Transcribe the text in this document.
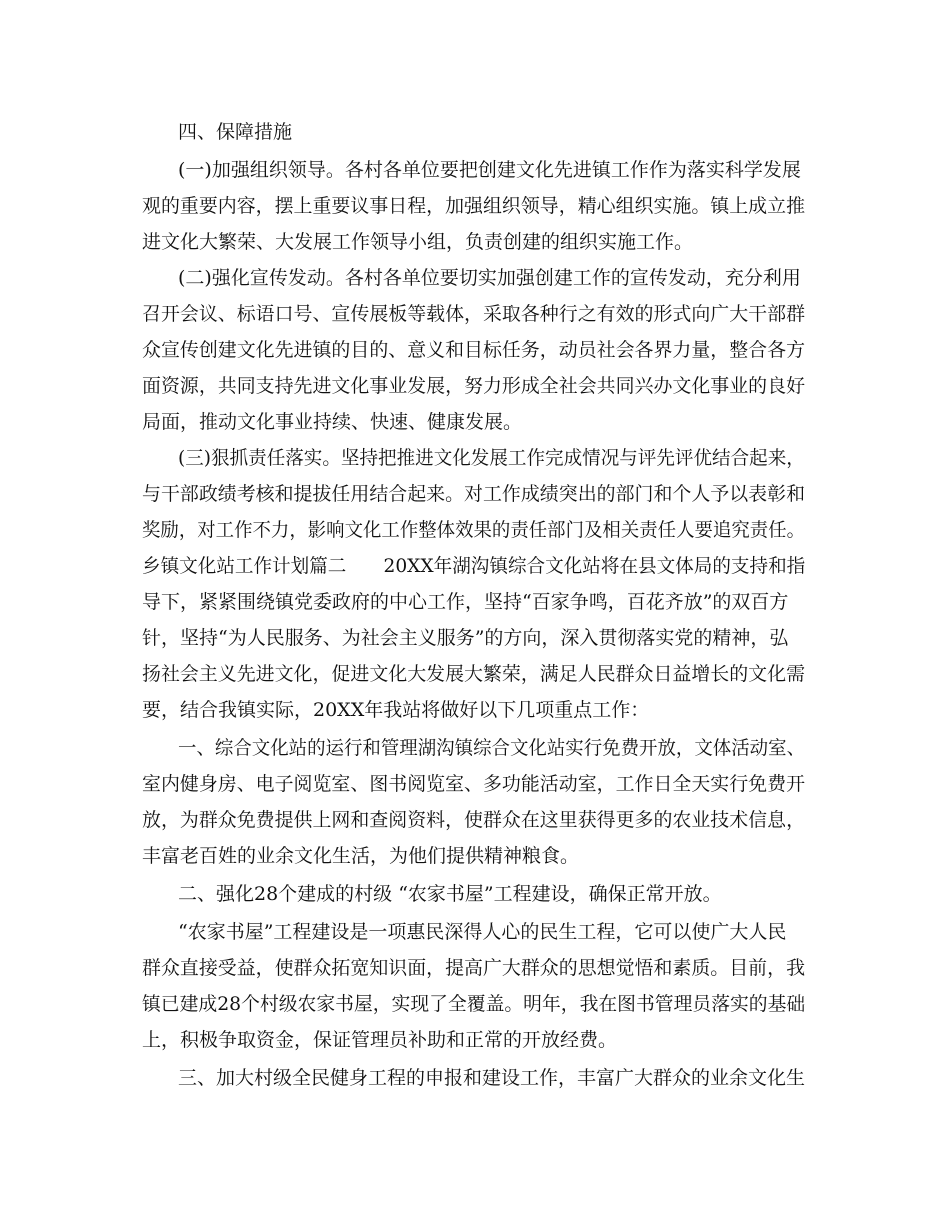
四、保障措施
(一)加强组织领导。各村各单位要把创建文化先进镇工作作为落实科学发展
观的重要内容，摆上重要议事日程，加强组织领导，精心组织实施。镇上成立推
进文化大繁荣、大发展工作领导小组，负责创建的组织实施工作。
(二)强化宣传发动。各村各单位要切实加强创建工作的宣传发动，充分利用
召开会议、标语口号、宣传展板等载体，采取各种行之有效的形式向广大干部群
众宣传创建文化先进镇的目的、意义和目标任务，动员社会各界力量，整合各方
面资源，共同支持先进文化事业发展，努力形成全社会共同兴办文化事业的良好
局面，推动文化事业持续、快速、健康发展。
(三)狠抓责任落实。坚持把推进文化发展工作完成情况与评先评优结合起来，
与干部政绩考核和提拔任用结合起来。对工作成绩突出的部门和个人予以表彰和
奖励，对工作不力，影响文化工作整体效果的责任部门及相关责任人要追究责任。
乡镇文化站工作计划篇二　　20XX年湖沟镇综合文化站将在县文体局的支持和指
导下，紧紧围绕镇党委政府的中心工作，坚持“百家争鸣，百花齐放”的双百方
针，坚持“为人民服务、为社会主义服务”的方向，深入贯彻落实党的精神，弘
扬社会主义先进文化，促进文化大发展大繁荣，满足人民群众日益增长的文化需
要，结合我镇实际，20XX年我站将做好以下几项重点工作：
一、综合文化站的运行和管理湖沟镇综合文化站实行免费开放，文体活动室、
室内健身房、电子阅览室、图书阅览室、多功能活动室，工作日全天实行免费开
放，为群众免费提供上网和查阅资料，使群众在这里获得更多的农业技术信息，
丰富老百姓的业余文化生活，为他们提供精神粮食。
二、强化28个建成的村级 “农家书屋”工程建设，确保正常开放。
“农家书屋”工程建设是一项惠民深得人心的民生工程，它可以使广大人民
群众直接受益，使群众拓宽知识面，提高广大群众的思想觉悟和素质。目前，我
镇已建成28个村级农家书屋，实现了全覆盖。明年，我在图书管理员落实的基础
上，积极争取资金，保证管理员补助和正常的开放经费。
三、加大村级全民健身工程的申报和建设工作，丰富广大群众的业余文化生
